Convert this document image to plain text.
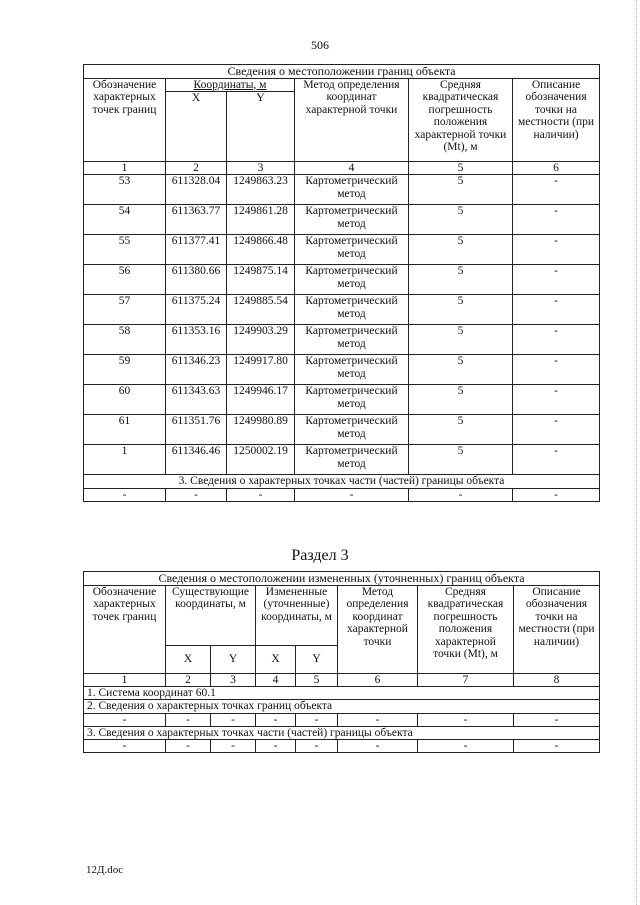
506
Сведения о местоположении границ объекта					
Обозначение характерных точек границ	Координаты, м		Метод определения координат характерной точки	Средняя квадратическая погрешность положения характерной точки (Mt), м	Описание обозначения точки на местности (при наличии)
	X	Y			
1	2	3	4	5	6
53	611328.04	1249863.23	Картометрический метод	5	-
54	611363.77	1249861.28	Картометрический метод	5	-
55	611377.41	1249866.48	Картометрический метод	5	-
56	611380.66	1249875.14	Картометрический метод	5	-
57	611375.24	1249885.54	Картометрический метод	5	-
58	611353.16	1249903.29	Картометрический метод	5	-
59	611346.23	1249917.80	Картометрический метод	5	-
60	611343.63	1249946.17	Картометрический метод	5	-
61	611351.76	1249980.89	Картометрический метод	5	-
1	611346.46	1250002.19	Картометрический метод	5	-
3. Сведения о характерных точках части (частей) границы объекта					
-	-	-	-	-	-
Раздел 3
Сведения о местоположении измененных (уточненных) границ объекта							
Обозначение характерных точек границ	Существующие координаты, м		Измененные (уточненные) координаты, м		Метод определения координат характерной точки	Средняя квадратическая погрешность положения характерной точки (Mt), м	Описание обозначения точки на местности (при наличии)
	X	Y	X	Y			
1	2	3	4	5	6	7	8
1. Система координат 60.1							
2. Сведения о характерных точках границ объекта							
-	-	-	-	-	-	-	-
3. Сведения о характерных точках части (частей) границы объекта							
-	-	-	-	-	-	-	-
12Д.doc
